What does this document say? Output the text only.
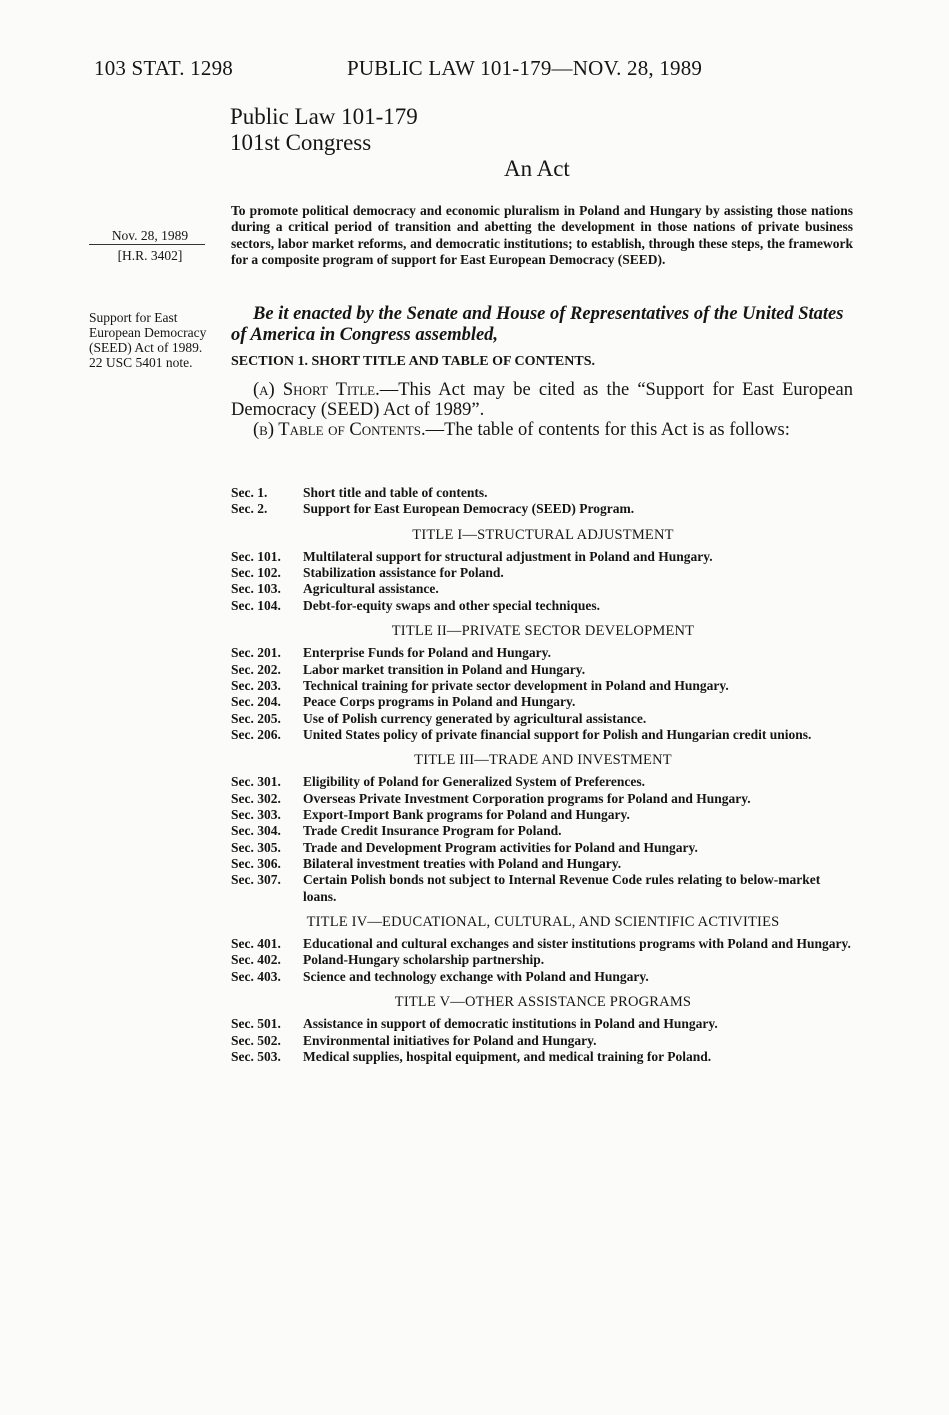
103 STAT. 1298	PUBLIC LAW 101-179—NOV. 28, 1989
Public Law 101-179
101st Congress
An Act
Nov. 28, 1989
[H.R. 3402]
Support for East European Democracy (SEED) Act of 1989.
22 USC 5401 note.
To promote political democracy and economic pluralism in Poland and Hungary by assisting those nations during a critical period of transition and abetting the development in those nations of private business sectors, labor market reforms, and democratic institutions; to establish, through these steps, the framework for a composite program of support for East European Democracy (SEED).
Be it enacted by the Senate and House of Representatives of the United States of America in Congress assembled,
SECTION 1. SHORT TITLE AND TABLE OF CONTENTS.
(a) Short Title.—This Act may be cited as the “Support for East European Democracy (SEED) Act of 1989”.
(b) Table of Contents.—The table of contents for this Act is as follows:
Sec. 1.	Short title and table of contents.
Sec. 2.	Support for East European Democracy (SEED) Program.
TITLE I—STRUCTURAL ADJUSTMENT
Sec. 101.	Multilateral support for structural adjustment in Poland and Hungary.
Sec. 102.	Stabilization assistance for Poland.
Sec. 103.	Agricultural assistance.
Sec. 104.	Debt-for-equity swaps and other special techniques.
TITLE II—PRIVATE SECTOR DEVELOPMENT
Sec. 201.	Enterprise Funds for Poland and Hungary.
Sec. 202.	Labor market transition in Poland and Hungary.
Sec. 203.	Technical training for private sector development in Poland and Hungary.
Sec. 204.	Peace Corps programs in Poland and Hungary.
Sec. 205.	Use of Polish currency generated by agricultural assistance.
Sec. 206.	United States policy of private financial support for Polish and Hungarian credit unions.
TITLE III—TRADE AND INVESTMENT
Sec. 301.	Eligibility of Poland for Generalized System of Preferences.
Sec. 302.	Overseas Private Investment Corporation programs for Poland and Hungary.
Sec. 303.	Export-Import Bank programs for Poland and Hungary.
Sec. 304.	Trade Credit Insurance Program for Poland.
Sec. 305.	Trade and Development Program activities for Poland and Hungary.
Sec. 306.	Bilateral investment treaties with Poland and Hungary.
Sec. 307.	Certain Polish bonds not subject to Internal Revenue Code rules relating to below-market loans.
TITLE IV—EDUCATIONAL, CULTURAL, AND SCIENTIFIC ACTIVITIES
Sec. 401.	Educational and cultural exchanges and sister institutions programs with Poland and Hungary.
Sec. 402.	Poland-Hungary scholarship partnership.
Sec. 403.	Science and technology exchange with Poland and Hungary.
TITLE V—OTHER ASSISTANCE PROGRAMS
Sec. 501.	Assistance in support of democratic institutions in Poland and Hungary.
Sec. 502.	Environmental initiatives for Poland and Hungary.
Sec. 503.	Medical supplies, hospital equipment, and medical training for Poland.
